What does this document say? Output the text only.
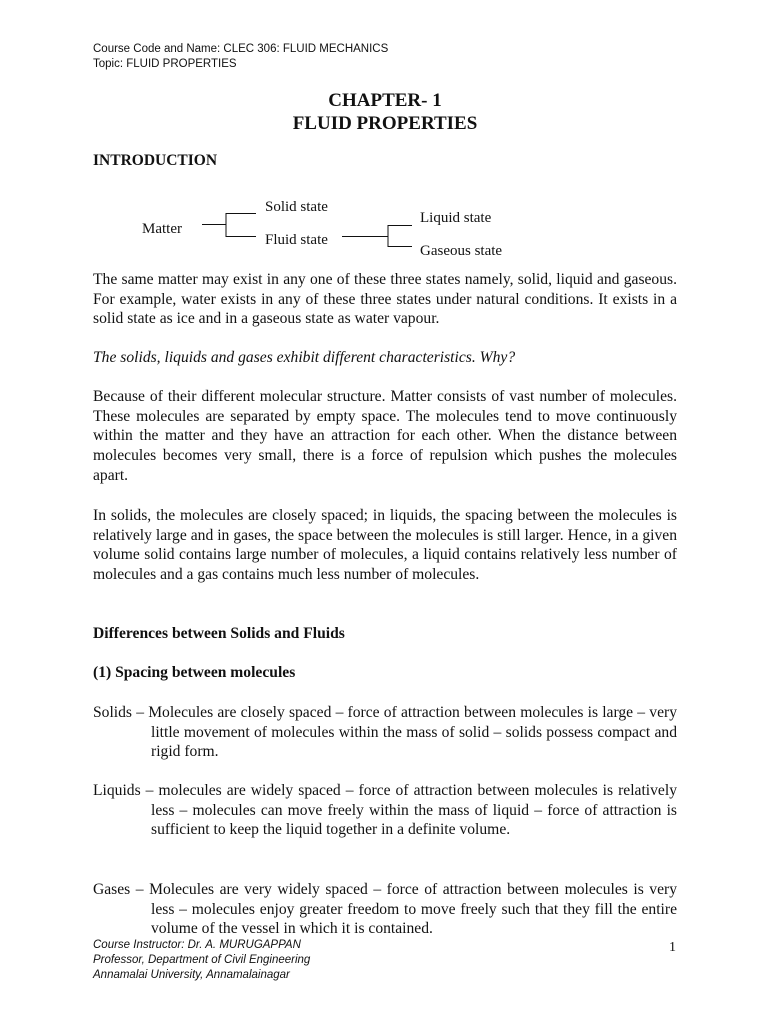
Course Code and Name: CLEC 306: FLUID MECHANICS
Topic: FLUID PROPERTIES
CHAPTER- 1
FLUID PROPERTIES
INTRODUCTION
Matter
Solid state
Fluid state
Liquid state
Gaseous state

The same matter may exist in any one of these three states namely, solid, liquid and gaseous. For example, water exists in any of these three states under natural conditions. It exists in a solid state as ice and in a gaseous state as water vapour.

The solids, liquids and gases exhibit different characteristics. Why?

Because of their different molecular structure. Matter consists of vast number of molecules. These molecules are separated by empty space. The molecules tend to move continuously within the matter and they have an attraction for each other. When the distance between molecules becomes very small, there is a force of repulsion which pushes the molecules apart.

In solids, the molecules are closely spaced; in liquids, the spacing between the molecules is relatively large and in gases, the space between the molecules is still larger. Hence, in a given volume solid contains large number of molecules, a liquid contains relatively less number of molecules and a gas contains much less number of molecules.

Differences between Solids and Fluids

(1) Spacing between molecules

Solids – Molecules are closely spaced – force of attraction between molecules is large – very little movement of molecules within the mass of solid – solids possess compact and rigid form.

Liquids – molecules are widely spaced – force of attraction between molecules is relatively less – molecules can move freely within the mass of liquid – force of attraction is sufficient to keep the liquid together in a definite volume.

Gases – Molecules are very widely spaced – force of attraction between molecules is very less – molecules enjoy greater freedom to move freely such that they fill the entire volume of the vessel in which it is contained.

Course Instructor: Dr. A. MURUGAPPAN
Professor, Department of Civil Engineering
Annamalai University, Annamalainagar
1
